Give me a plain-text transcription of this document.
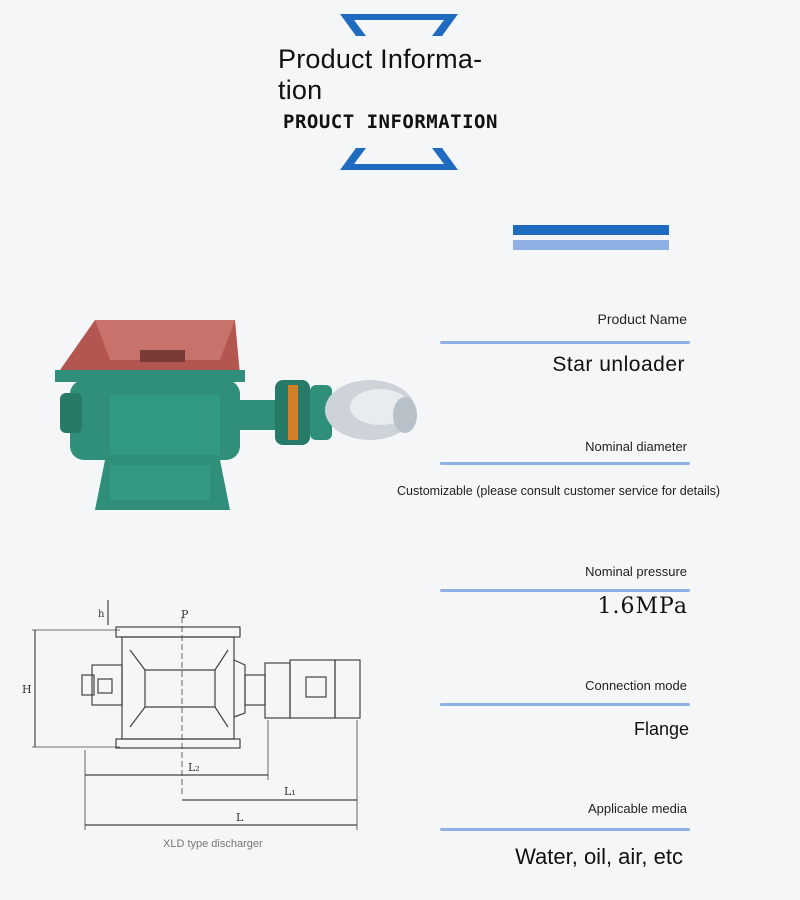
Product Informa-
tion
PROUCT INFORMATION
H
h	P
L₂
L₁
L
XLD type discharger
Product Name
Star unloader
Nominal diameter
Customizable (please consult customer service for details)
Nominal pressure
1.6MPa
Connection mode
Flange
Applicable media
Water, oil, air, etc
